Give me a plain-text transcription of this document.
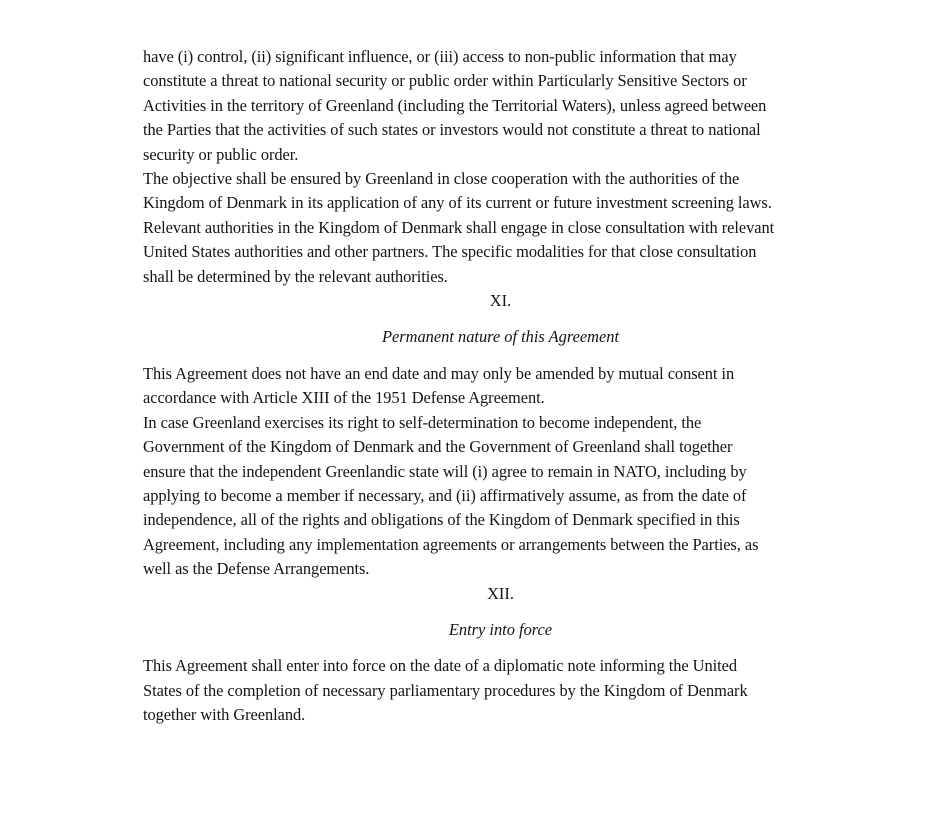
have (i) control, (ii) significant influence, or (iii) access to non-public information that may
constitute a threat to national security or public order within Particularly Sensitive Sectors or
Activities in the territory of Greenland (including the Territorial Waters), unless agreed between
the Parties that the activities of such states or investors would not constitute a threat to national
security or public order.

The objective shall be ensured by Greenland in close cooperation with the authorities of the
Kingdom of Denmark in its application of any of its current or future investment screening laws.

Relevant authorities in the Kingdom of Denmark shall engage in close consultation with relevant
United States authorities and other partners. The specific modalities for that close consultation
shall be determined by the relevant authorities.

XI.

Permanent nature of this Agreement

This Agreement does not have an end date and may only be amended by mutual consent in
accordance with Article XIII of the 1951 Defense Agreement.

In case Greenland exercises its right to self-determination to become independent, the
Government of the Kingdom of Denmark and the Government of Greenland shall together
ensure that the independent Greenlandic state will (i) agree to remain in NATO, including by
applying to become a member if necessary, and (ii) affirmatively assume, as from the date of
independence, all of the rights and obligations of the Kingdom of Denmark specified in this
Agreement, including any implementation agreements or arrangements between the Parties, as
well as the Defense Arrangements.

XII.

Entry into force

This Agreement shall enter into force on the date of a diplomatic note informing the United
States of the completion of necessary parliamentary procedures by the Kingdom of Denmark
together with Greenland.
